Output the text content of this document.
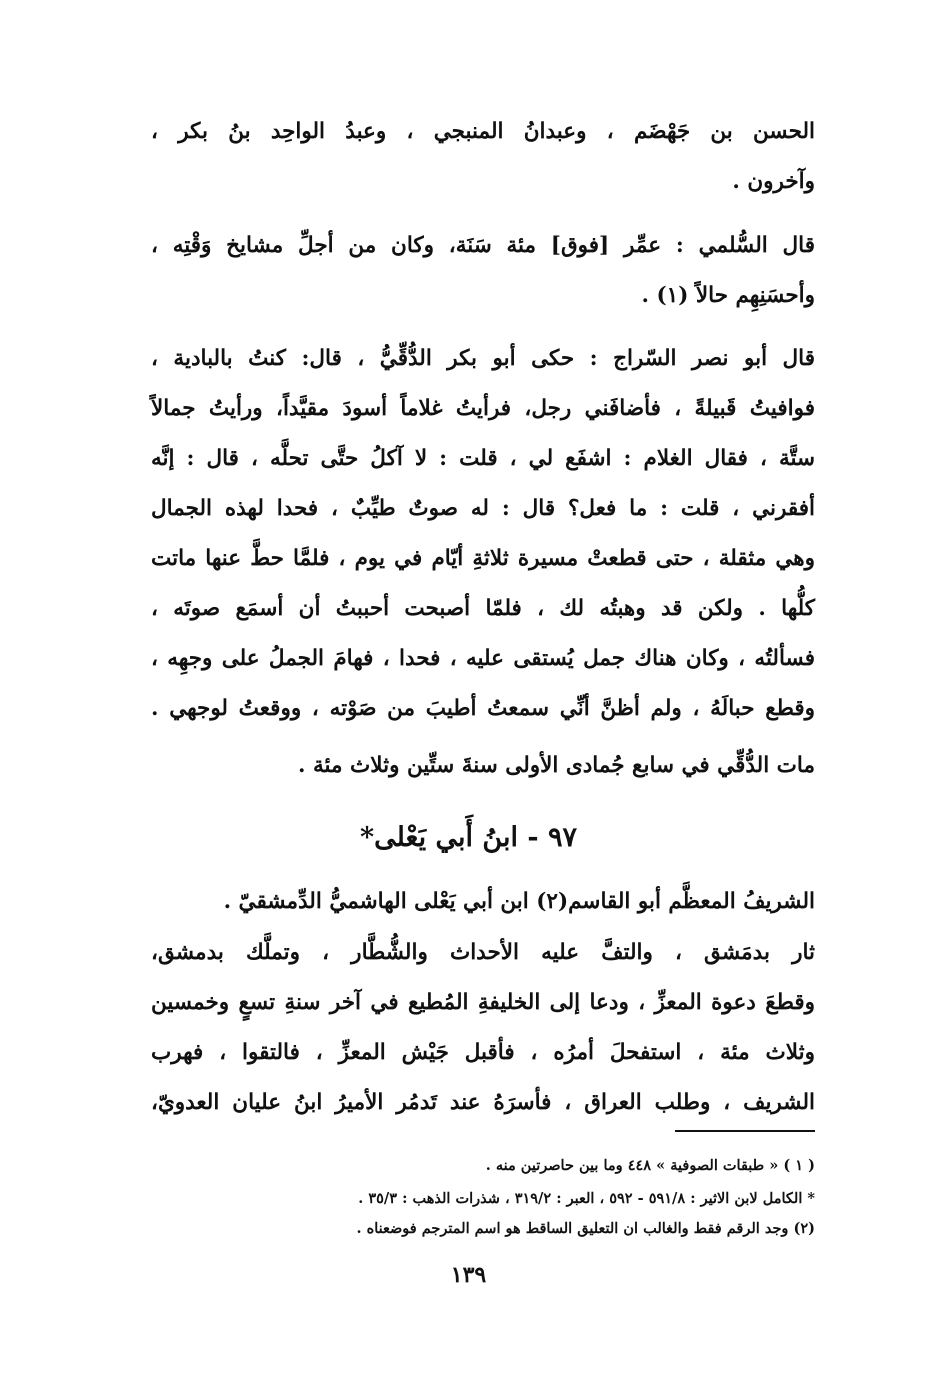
الحسن بن جَهْضَم ، وعبدانُ المنبجي ، وعبدُ الواحِد بنُ بكر ،
وآخرون .
قال السُّلمي : عمِّر [فوق] مئة سَنَة، وكان من أجلِّ مشايخ وَقْتِه ،
وأحسَنِهِم حالاً (١) .
قال أبو نصر السّراج : حكى أبو بكر الدُّقِّيُّ ، قال: كنتُ بالبادية ،
فوافيتُ قَبيلةً ، فأضافَني رجل، فرأيتُ غلاماً أسودَ مقيَّداً، ورأيتُ جمالاً
ستَّة ، فقال الغلام : اشفَع لي ، قلت : لا آكلُ حتَّى تحلَّه ، قال : إنَّه
أفقرني ، قلت : ما فعل؟ قال : له صوتٌ طيِّبٌ ، فحدا لهذه الجمال
وهي مثقلة ، حتى قطعتْ مسيرة ثلاثةِ أيّام في يوم ، فلمَّا حطَّ عنها ماتت
كلُّها . ولكن قد وهبتُه لك ، فلمّا أصبحت أحببتُ أن أسمَع صوتَه ،
فسألتُه ، وكان هناك جمل يُستقى عليه ، فحدا ، فهامَ الجملُ على وجهِه ،
وقطع حبالَهُ ، ولم أظنَّ أنِّي سمعتُ أطيبَ من صَوْته ، ووقعتُ لوجهي .
مات الدُّقِّي في سابع جُمادى الأولى سنةَ ستِّين وثلاث مئة .
٩٧ - ابنُ أَبي يَعْلى*
الشريفُ المعظَّم أبو القاسم(٢) ابن أبي يَعْلى الهاشميُّ الدِّمشقيّ .
ثار بدمَشق ، والتفَّ عليه الأحداث والشُّطَّار ، وتملَّك بدمشق،
وقطعَ دعوة المعزِّ ، ودعا إلى الخليفةِ المُطيع في آخر سنةِ تسعٍ وخمسين
وثلاث مئة ، استفحلَ أمرُه ، فأقبل جَيْش المعزِّ ، فالتقوا ، فهرب
الشريف ، وطلب العراق ، فأسرَهُ عند تَدمُر الأميرُ ابنُ عليان العدويّ،
( ١ ) « طبقات الصوفية » ٤٤٨ وما بين حاصرتين منه .
* الكامل لابن الاثير : ٥٩١/٨ - ٥٩٢ ، العبر : ٣١٩/٢ ، شذرات الذهب : ٣٥/٣ .
(٢) وجد الرقم فقط والغالب ان التعليق الساقط هو اسم المترجم فوضعناه .
١٣٩
